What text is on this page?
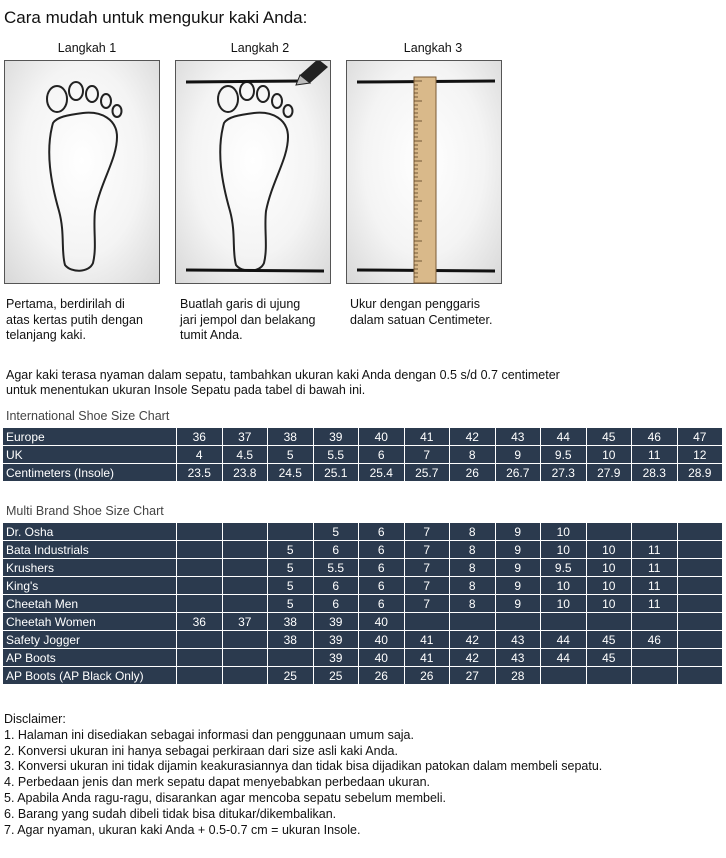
Cara mudah untuk mengukur kaki Anda:
Langkah 1	Langkah 2	Langkah 3
Pertama, berdirilah di
atas kertas putih dengan
telanjang kaki.
Buatlah garis di ujung
jari jempol dan belakang
tumit Anda.
Ukur dengan penggaris
dalam satuan Centimeter.
Agar kaki terasa nyaman dalam sepatu, tambahkan ukuran kaki Anda dengan 0.5 s/d 0.7 centimeter
untuk menentukan ukuran Insole Sepatu pada tabel di bawah ini.
International Shoe Size Chart
Europe	36	37	38	39	40	41	42	43	44	45	46	47
UK	4	4.5	5	5.5	6	7	8	9	9.5	10	11	12
Centimeters (Insole)	23.5	23.8	24.5	25.1	25.4	25.7	26	26.7	27.3	27.9	28.3	28.9
Multi Brand Shoe Size Chart
Dr. Osha				5	6	7	8	9	10			
Bata Industrials			5	6	6	7	8	9	10	10	11	
Krushers			5	5.5	6	7	8	9	9.5	10	11	
King's			5	6	6	7	8	9	10	10	11	
Cheetah Men			5	6	6	7	8	9	10	10	11	
Cheetah Women	36	37	38	39	40							
Safety Jogger			38	39	40	41	42	43	44	45	46	
AP Boots				39	40	41	42	43	44	45		
AP Boots (AP Black Only)			25	25	26	26	27	28				
Disclaimer:
1. Halaman ini disediakan sebagai informasi dan penggunaan umum saja.
2. Konversi ukuran ini hanya sebagai perkiraan dari size asli kaki Anda.
3. Konversi ukuran ini tidak dijamin keakurasiannya dan tidak bisa dijadikan patokan dalam membeli sepatu.
4. Perbedaan jenis dan merk sepatu dapat menyebabkan perbedaan ukuran.
5. Apabila Anda ragu-ragu, disarankan agar mencoba sepatu sebelum membeli.
6. Barang yang sudah dibeli tidak bisa ditukar/dikembalikan.
7. Agar nyaman, ukuran kaki Anda + 0.5-0.7 cm = ukuran Insole.
